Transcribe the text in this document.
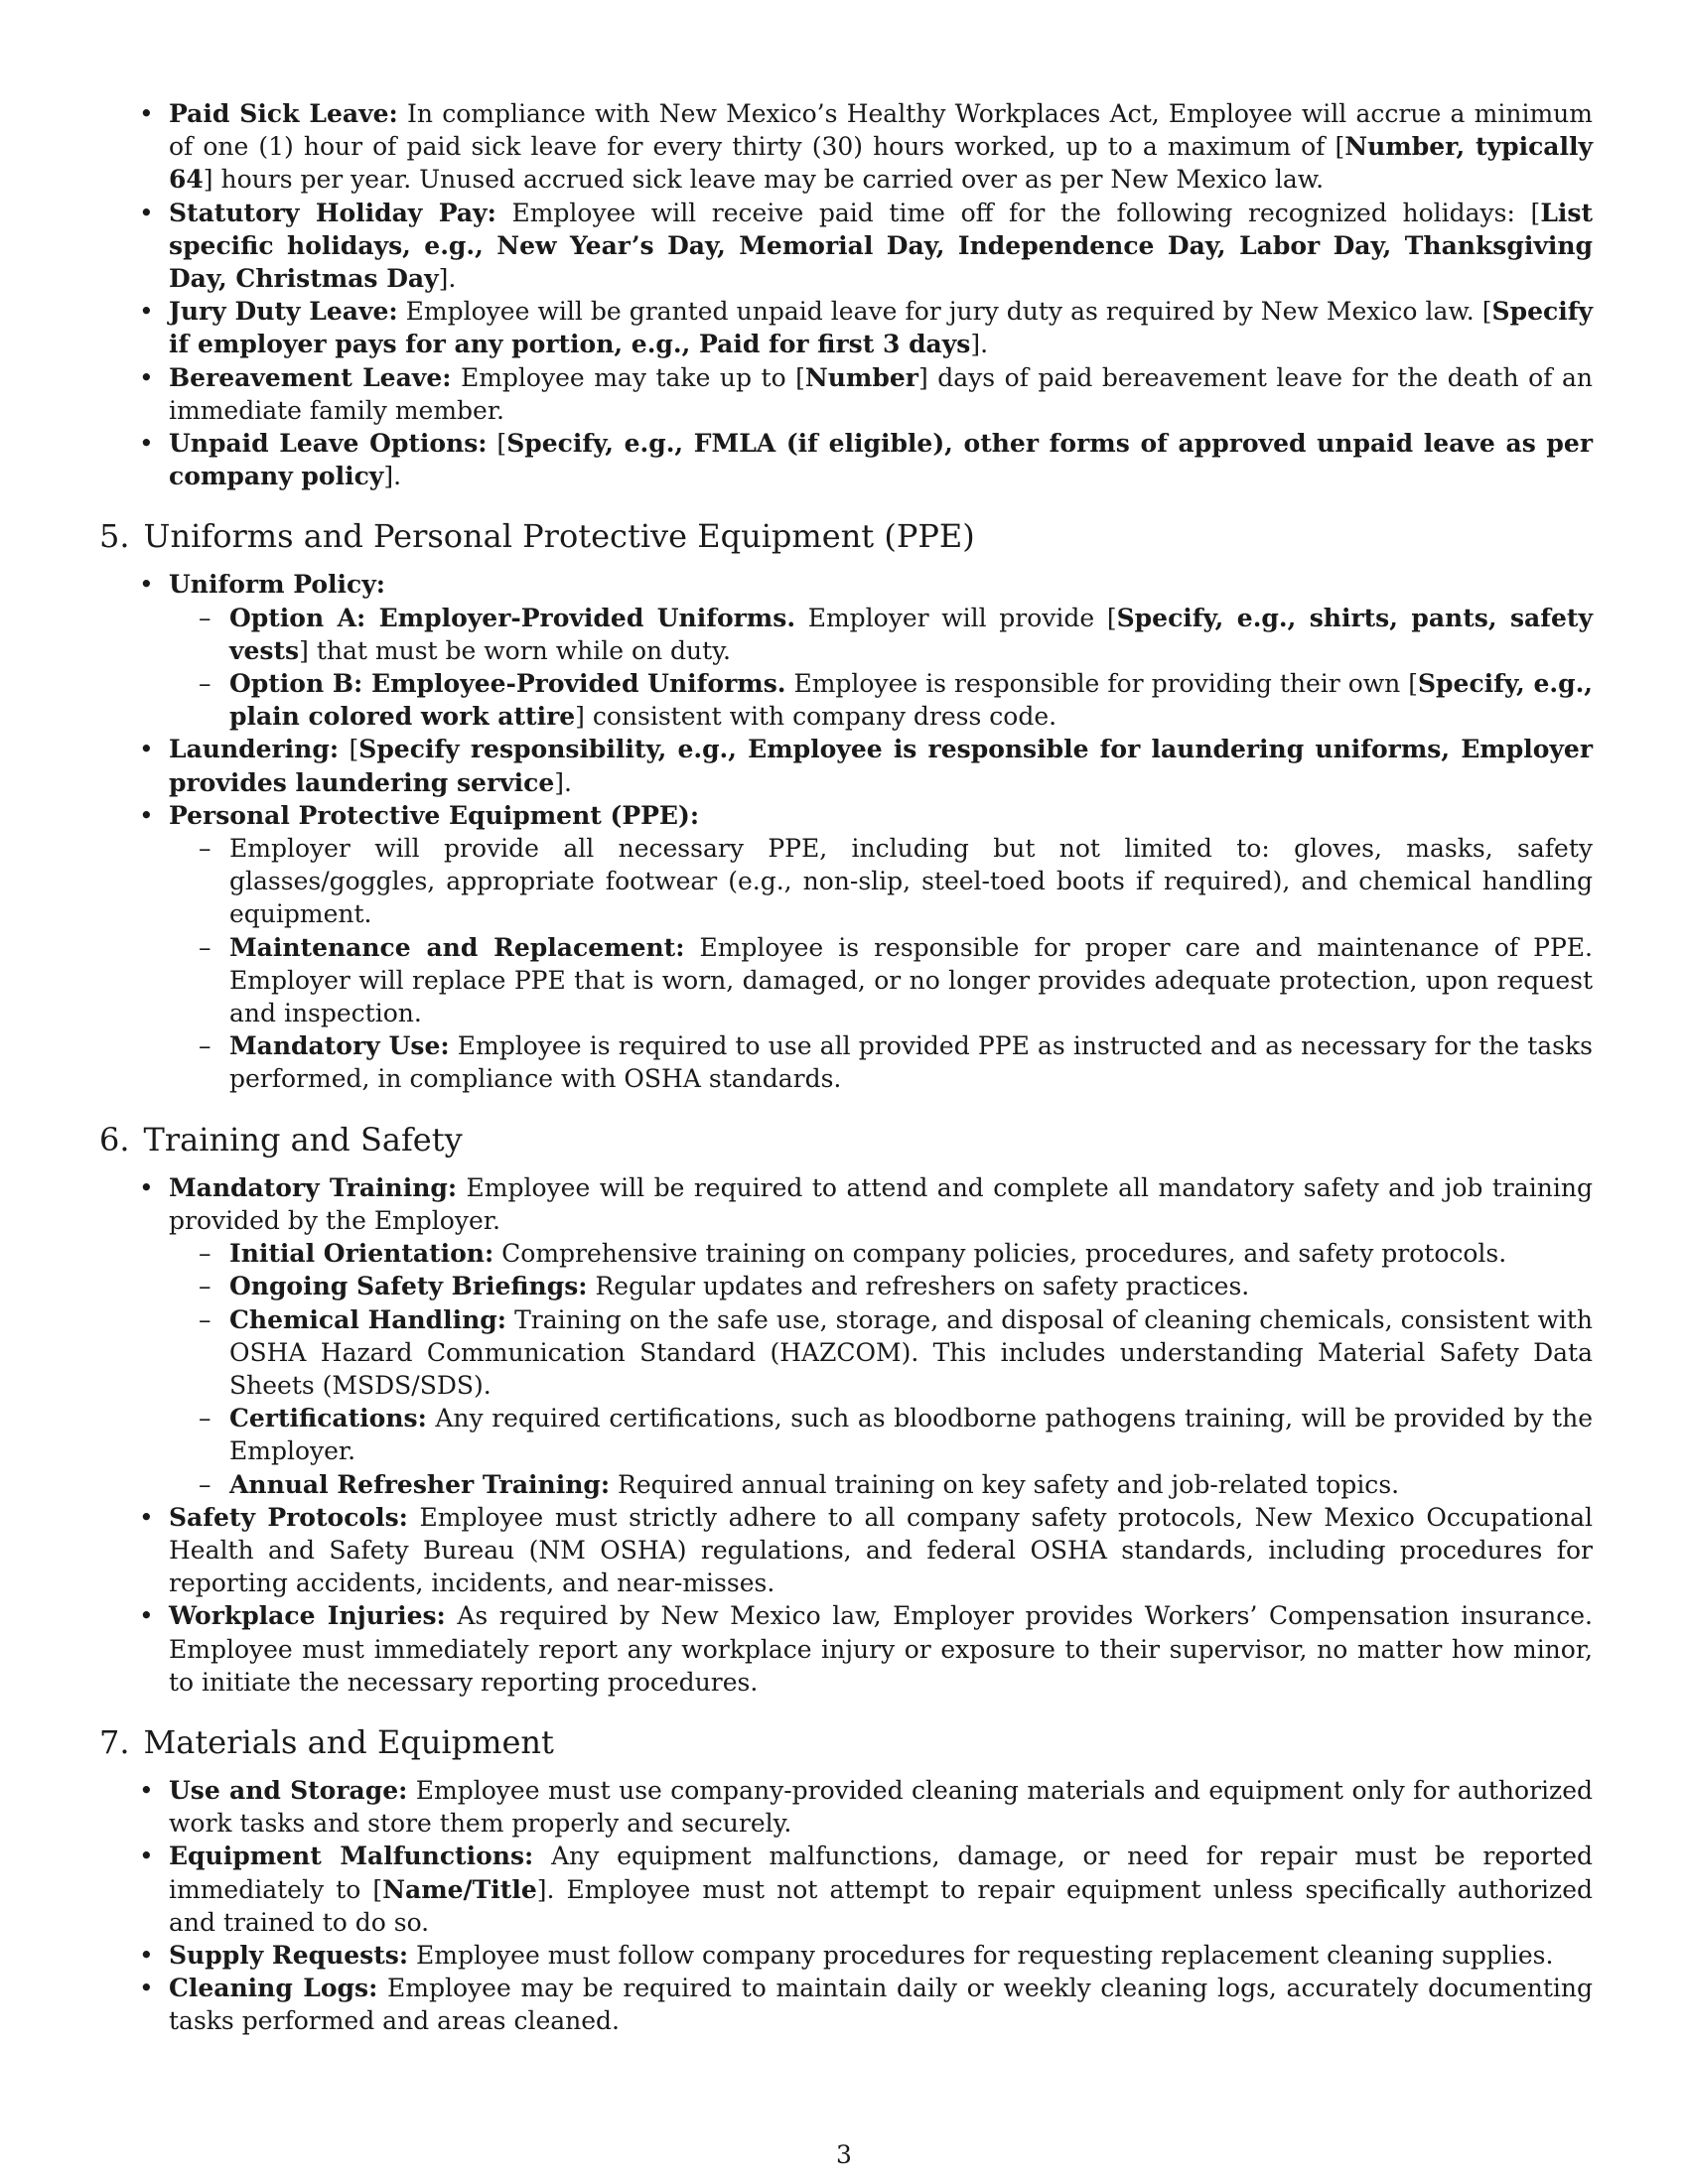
• Paid Sick Leave: In compliance with New Mexico’s Healthy Workplaces Act, Employee will accrue a minimum of one (1) hour of paid sick leave for every thirty (30) hours worked, up to a maximum of [Number, typically 64] hours per year. Unused accrued sick leave may be carried over as per New Mexico law.
• Statutory Holiday Pay: Employee will receive paid time off for the following recognized holidays: [List specific holidays, e.g., New Year’s Day, Memorial Day, Independence Day, Labor Day, Thanksgiving Day, Christmas Day].
• Jury Duty Leave: Employee will be granted unpaid leave for jury duty as required by New Mexico law. [Specify if employer pays for any portion, e.g., Paid for first 3 days].
• Bereavement Leave: Employee may take up to [Number] days of paid bereavement leave for the death of an immediate family member.
• Unpaid Leave Options: [Specify, e.g., FMLA (if eligible), other forms of approved unpaid leave as per company policy].
5. Uniforms and Personal Protective Equipment (PPE)
• Uniform Policy:
– Option A: Employer-Provided Uniforms. Employer will provide [Specify, e.g., shirts, pants, safety vests] that must be worn while on duty.
– Option B: Employee-Provided Uniforms. Employee is responsible for providing their own [Specify, e.g., plain colored work attire] consistent with company dress code.
• Laundering: [Specify responsibility, e.g., Employee is responsible for laundering uniforms, Employer provides laundering service].
• Personal Protective Equipment (PPE):
– Employer will provide all necessary PPE, including but not limited to: gloves, masks, safety glasses/goggles, appropriate footwear (e.g., non-slip, steel-toed boots if required), and chemical handling equipment.
– Maintenance and Replacement: Employee is responsible for proper care and maintenance of PPE. Employer will replace PPE that is worn, damaged, or no longer provides adequate protection, upon request and inspection.
– Mandatory Use: Employee is required to use all provided PPE as instructed and as necessary for the tasks performed, in compliance with OSHA standards.
6. Training and Safety
• Mandatory Training: Employee will be required to attend and complete all mandatory safety and job training provided by the Employer.
– Initial Orientation: Comprehensive training on company policies, procedures, and safety protocols.
– Ongoing Safety Briefings: Regular updates and refreshers on safety practices.
– Chemical Handling: Training on the safe use, storage, and disposal of cleaning chemicals, consistent with OSHA Hazard Communication Standard (HAZCOM). This includes understanding Material Safety Data Sheets (MSDS/SDS).
– Certifications: Any required certifications, such as bloodborne pathogens training, will be provided by the Employer.
– Annual Refresher Training: Required annual training on key safety and job-related topics.
• Safety Protocols: Employee must strictly adhere to all company safety protocols, New Mexico Occupational Health and Safety Bureau (NM OSHA) regulations, and federal OSHA standards, including procedures for reporting accidents, incidents, and near-misses.
• Workplace Injuries: As required by New Mexico law, Employer provides Workers’ Compensation insurance. Employee must immediately report any workplace injury or exposure to their supervisor, no matter how minor, to initiate the necessary reporting procedures.
7. Materials and Equipment
• Use and Storage: Employee must use company-provided cleaning materials and equipment only for authorized work tasks and store them properly and securely.
• Equipment Malfunctions: Any equipment malfunctions, damage, or need for repair must be reported immediately to [Name/Title]. Employee must not attempt to repair equipment unless specifically authorized and trained to do so.
• Supply Requests: Employee must follow company procedures for requesting replacement cleaning supplies.
• Cleaning Logs: Employee may be required to maintain daily or weekly cleaning logs, accurately documenting tasks performed and areas cleaned.
3
